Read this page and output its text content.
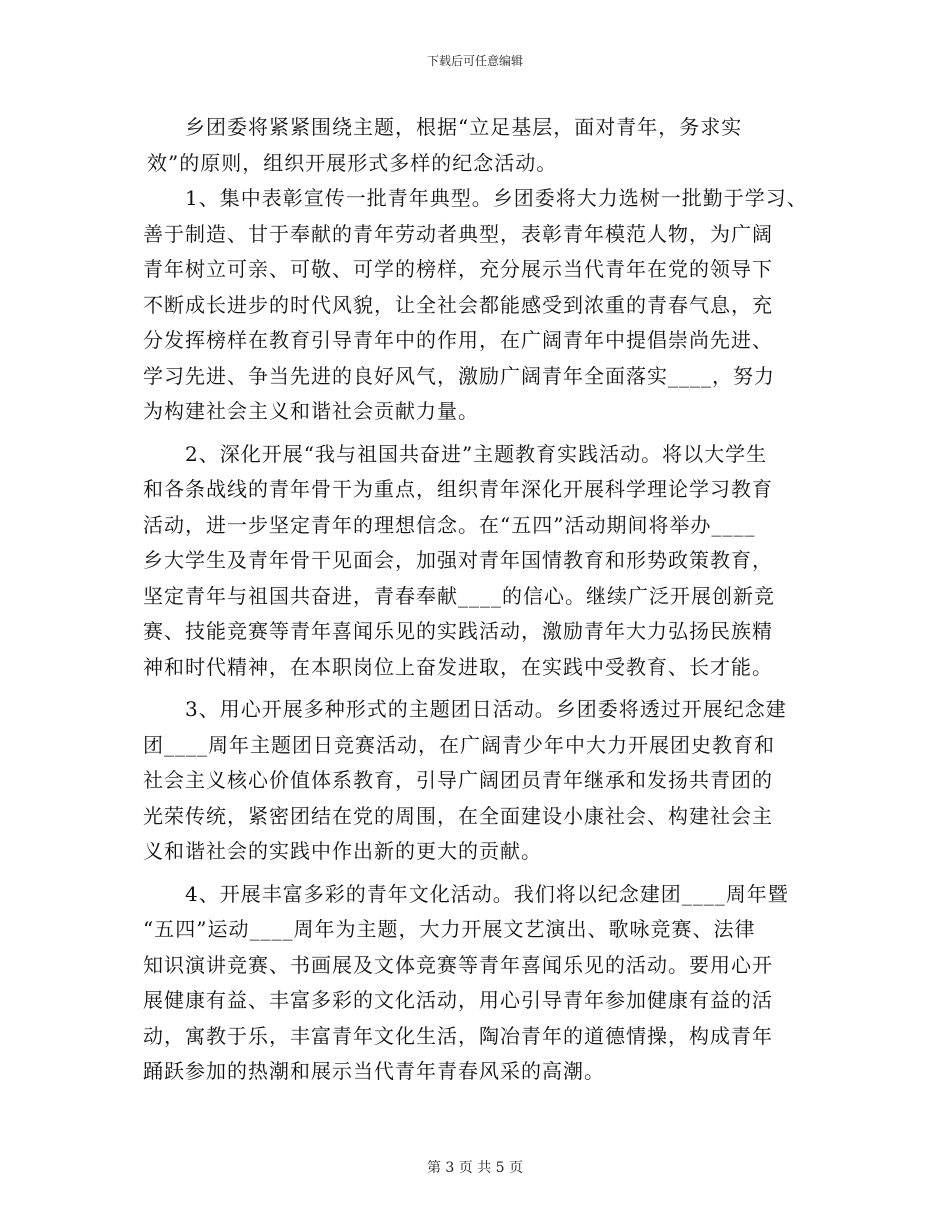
下载后可任意编辑
乡团委将紧紧围绕主题，根据“立足基层，面对青年，务求实
效”的原则，组织开展形式多样的纪念活动。
1、集中表彰宣传一批青年典型。乡团委将大力选树一批勤于学习、
善于制造、甘于奉献的青年劳动者典型，表彰青年模范人物，为广阔
青年树立可亲、可敬、可学的榜样，充分展示当代青年在党的领导下
不断成长进步的时代风貌，让全社会都能感受到浓重的青春气息，充
分发挥榜样在教育引导青年中的作用，在广阔青年中提倡崇尚先进、
学习先进、争当先进的良好风气，激励广阔青年全面落实____，努力
为构建社会主义和谐社会贡献力量。
2、深化开展“我与祖国共奋进”主题教育实践活动。将以大学生
和各条战线的青年骨干为重点，组织青年深化开展科学理论学习教育
活动，进一步坚定青年的理想信念。在“五四”活动期间将举办____
乡大学生及青年骨干见面会，加强对青年国情教育和形势政策教育，
坚定青年与祖国共奋进，青春奉献____的信心。继续广泛开展创新竞
赛、技能竞赛等青年喜闻乐见的实践活动，激励青年大力弘扬民族精
神和时代精神，在本职岗位上奋发进取，在实践中受教育、长才能。
3、用心开展多种形式的主题团日活动。乡团委将透过开展纪念建
团____周年主题团日竞赛活动，在广阔青少年中大力开展团史教育和
社会主义核心价值体系教育，引导广阔团员青年继承和发扬共青团的
光荣传统，紧密团结在党的周围，在全面建设小康社会、构建社会主
义和谐社会的实践中作出新的更大的贡献。
4、开展丰富多彩的青年文化活动。我们将以纪念建团____周年暨
“五四”运动____周年为主题，大力开展文艺演出、歌咏竞赛、法律
知识演讲竞赛、书画展及文体竞赛等青年喜闻乐见的活动。要用心开
展健康有益、丰富多彩的文化活动，用心引导青年参加健康有益的活
动，寓教于乐，丰富青年文化生活，陶冶青年的道德情操，构成青年
踊跃参加的热潮和展示当代青年青春风采的高潮。
第 3 页 共 5 页
